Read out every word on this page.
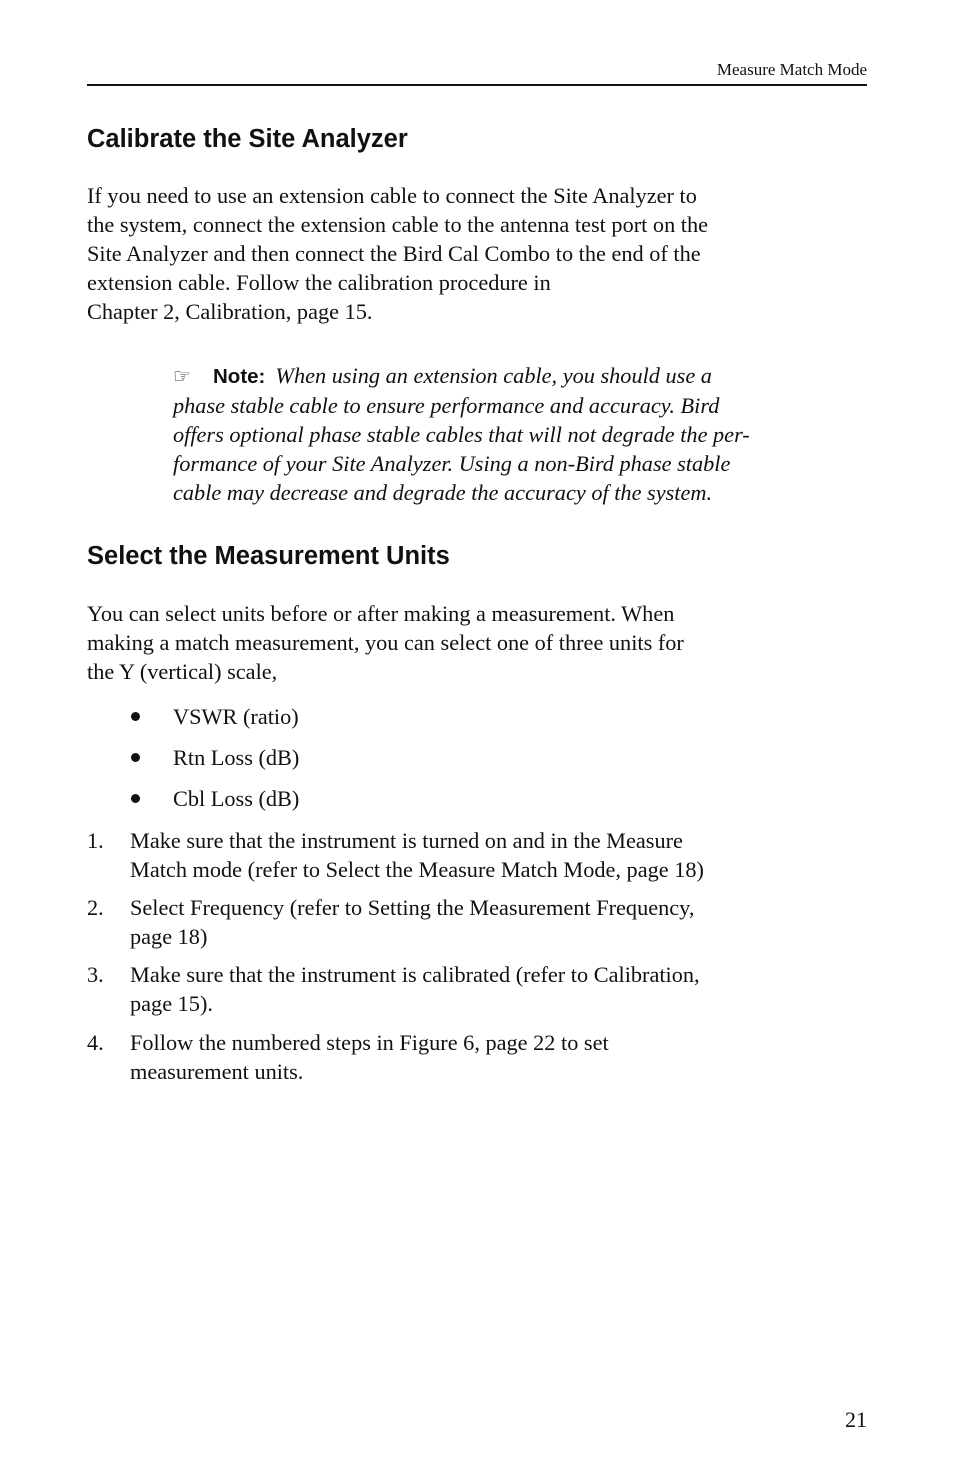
Measure Match Mode
Calibrate the Site Analyzer

If you need to use an extension cable to connect the Site Analyzer to
the system, connect the extension cable to the antenna test port on the
Site Analyzer and then connect the Bird Cal Combo to the end of the
extension cable. Follow the calibration procedure in
Chapter 2, Calibration, page 15.

☞ Note: When using an extension cable, you should use a
phase stable cable to ensure performance and accuracy. Bird
offers optional phase stable cables that will not degrade the per-
formance of your Site Analyzer. Using a non-Bird phase stable
cable may decrease and degrade the accuracy of the system.

Select the Measurement Units

You can select units before or after making a measurement. When
making a match measurement, you can select one of three units for
the Y (vertical) scale,

VSWR (ratio)
Rtn Loss (dB)
Cbl Loss (dB)
1. Make sure that the instrument is turned on and in the Measure
Match mode (refer to Select the Measure Match Mode, page 18)
2. Select Frequency (refer to Setting the Measurement Frequency,
page 18)
3. Make sure that the instrument is calibrated (refer to Calibration,
page 15).
4. Follow the numbered steps in Figure 6, page 22 to set
measurement units.
21
